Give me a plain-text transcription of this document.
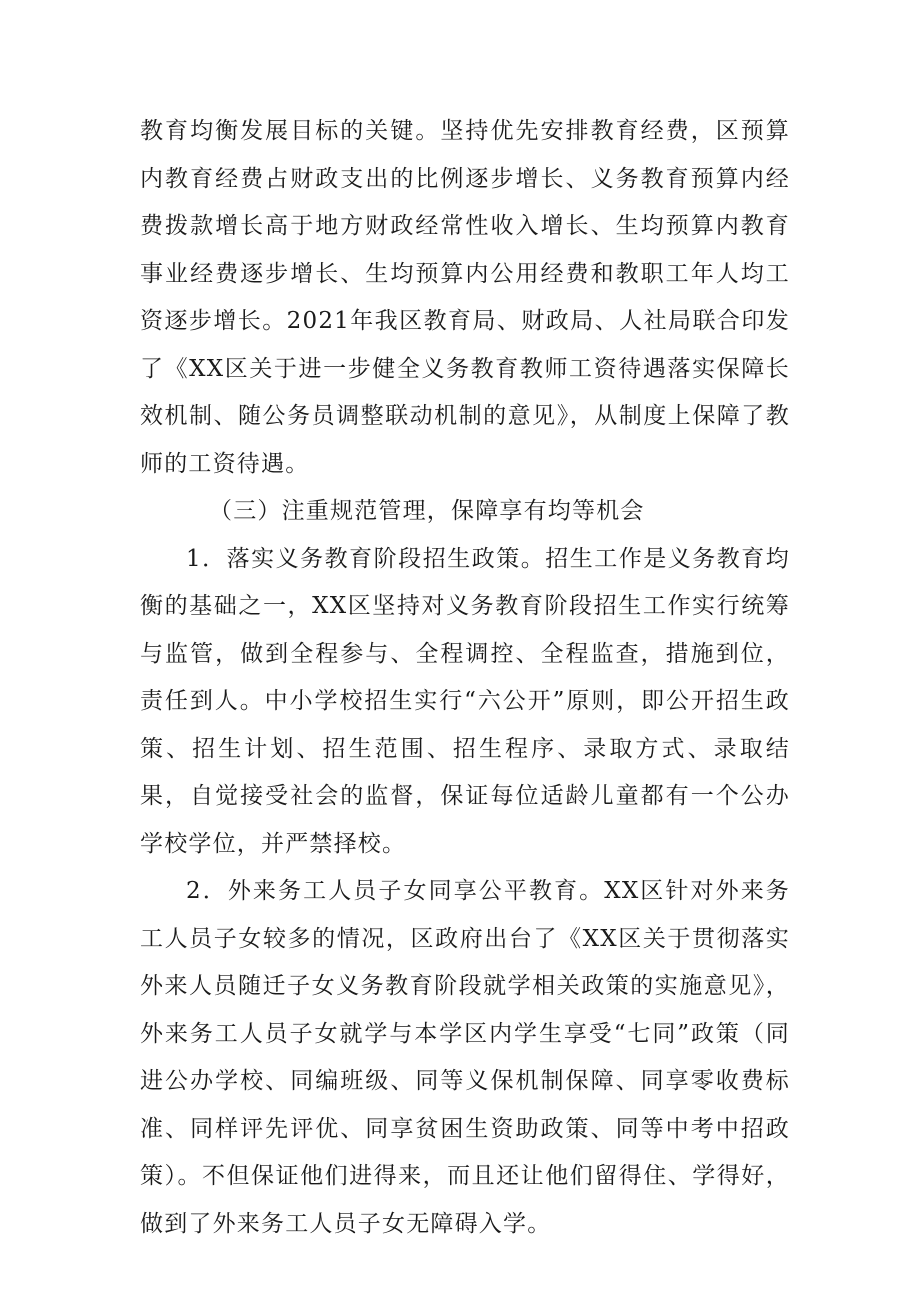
教育均衡发展目标的关键。坚持优先安排教育经费，区预算内教育经费占财政支出的比例逐步增长、义务教育预算内经费拨款增长高于地方财政经常性收入增长、生均预算内教育事业经费逐步增长、生均预算内公用经费和教职工年人均工资逐步增长。2021年我区教育局、财政局、人社局联合印发了《XX区关于进一步健全义务教育教师工资待遇落实保障长效机制、随公务员调整联动机制的意见》，从制度上保障了教师的工资待遇。

（三）注重规范管理，保障享有均等机会

1．落实义务教育阶段招生政策。招生工作是义务教育均衡的基础之一，XX区坚持对义务教育阶段招生工作实行统筹与监管，做到全程参与、全程调控、全程监查，措施到位，责任到人。中小学校招生实行“六公开”原则，即公开招生政策、招生计划、招生范围、招生程序、录取方式、录取结果，自觉接受社会的监督，保证每位适龄儿童都有一个公办学校学位，并严禁择校。

2．外来务工人员子女同享公平教育。XX区针对外来务工人员子女较多的情况，区政府出台了《XX区关于贯彻落实外来人员随迁子女义务教育阶段就学相关政策的实施意见》，外来务工人员子女就学与本学区内学生享受“七同”政策（同进公办学校、同编班级、同等义保机制保障、同享零收费标准、同样评先评优、同享贫困生资助政策、同等中考中招政策）。不但保证他们进得来，而且还让他们留得住、学得好，做到了外来务工人员子女无障碍入学。
